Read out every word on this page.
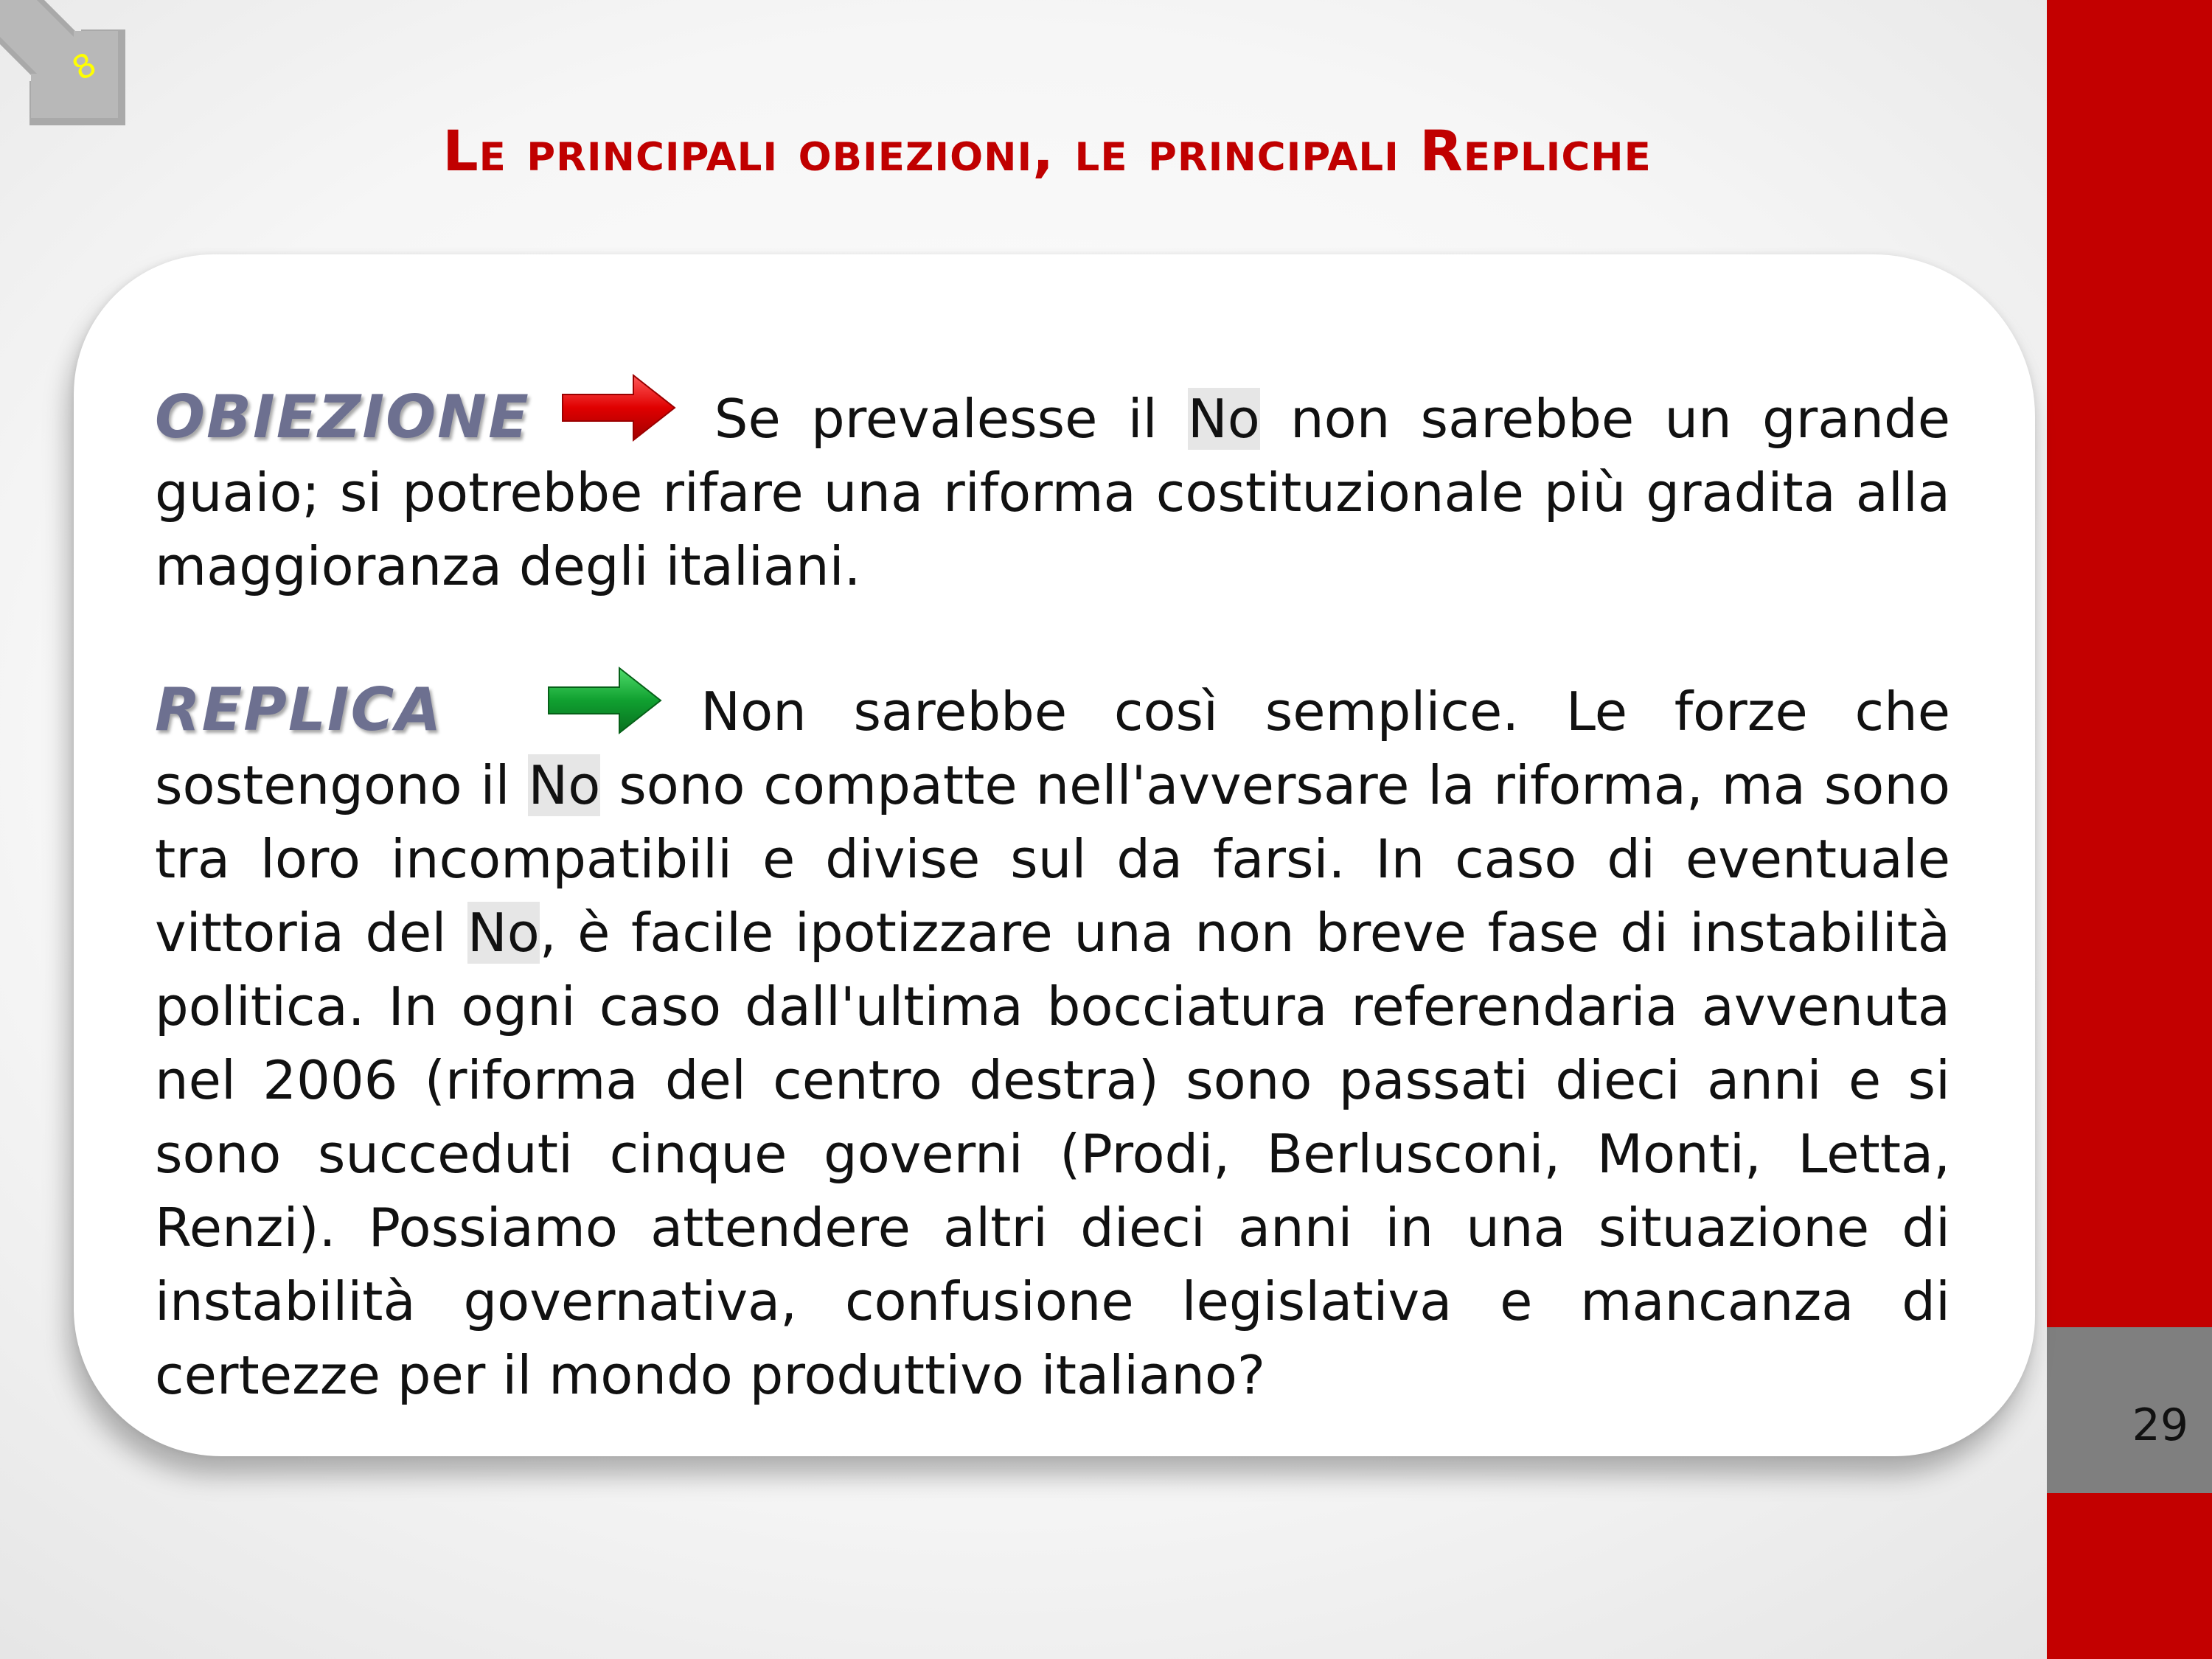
29
8
Le principali obiezioni, le principali Repliche
OBIEZIONE	Se prevalesse il No non sarebbe un grande guaio; si potrebbe rifare una riforma costituzionale più gradita alla maggioranza degli italiani.
REPLICA	Non sarebbe così semplice. Le forze che sostengono il No sono compatte nell'avversare la riforma, ma sono tra loro incompatibili e divise sul da farsi. In caso di eventuale vittoria del No, è facile ipotizzare una non breve fase di instabilità politica. In ogni caso dall'ultima bocciatura referendaria avvenuta nel 2006 (riforma del centro destra) sono passati dieci anni e si sono succeduti cinque governi (Prodi, Berlusconi, Monti, Letta, Renzi). Possiamo attendere altri dieci anni in una situazione di instabilità governativa, confusione legislativa e mancanza di certezze per il mondo produttivo italiano?
